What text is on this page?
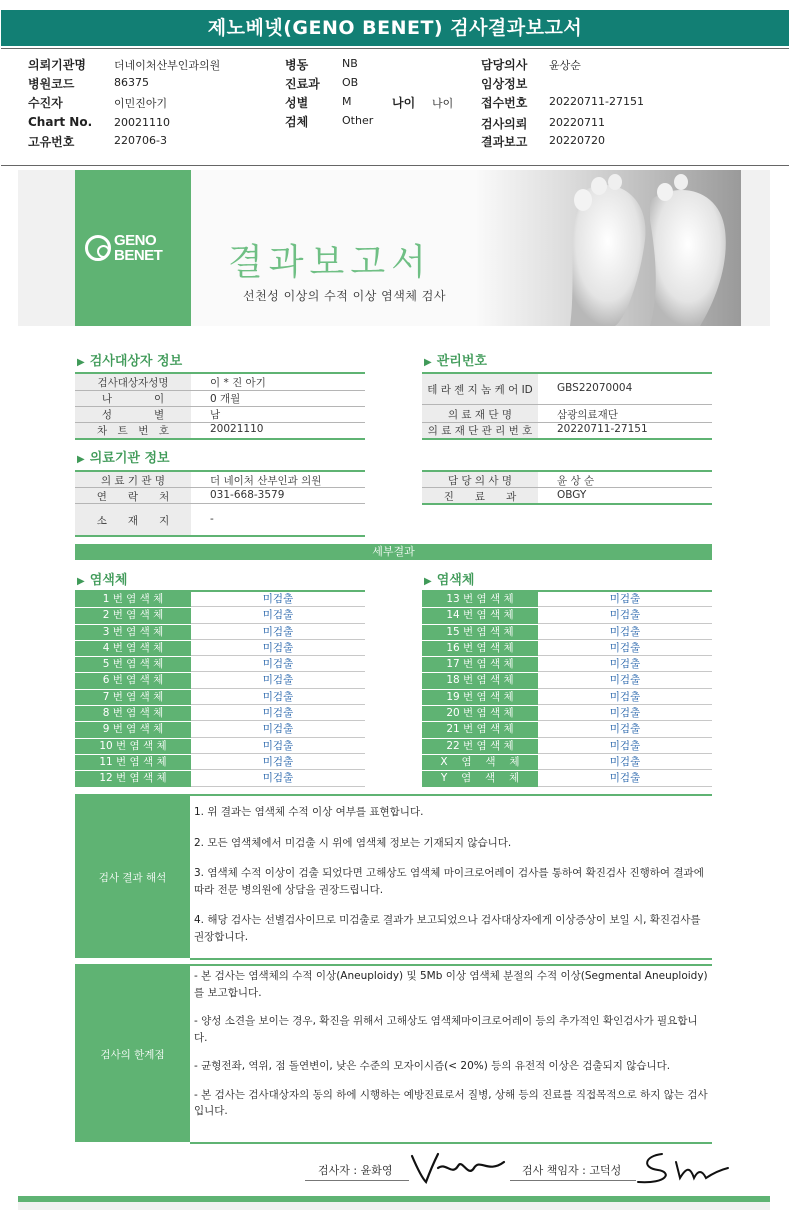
제노베넷(GENO BENET) 검사결과보고서
의뢰기관명	더네이처산부인과의원
병원코드	86375
수진자	이민진아기
Chart No. 20021110
고유번호	220706-3
병동	NB
진료과 OB
성별	M
검체	Other
나이 나이
담당의사 윤상순
임상정보
접수번호 20220711-27151
검사의뢰 20220711
결과보고 20220720
GENO
BENET 결과보고서
선천성 이상의 수적 이상 염색체 검사
▶ 검사대상자 정보
검사대상자성명	이 * 진 아기
나　　　　이	0 개월
성　　　　별	남
차　트　번　호	20021110
▶ 관리번호
테 라 젠 지 놈 케 어 ID	GBS22070004
의 료 재 단 명	삼광의료재단
의 료 재 단 관 리 번 호	20220711-27151
▶ 의료기관 정보
의 료 기 관 명	더 네이처 산부인과 의원
연　　락　　처	031-668-3579
소　　재　　지	-
담 당 의 사 명	윤 상 순
진　　료　　과	OBGY
세부결과
▶ 염색체	▶ 염색체
1 번 염 색 체	미검출
2 번 염 색 체	미검출
3 번 염 색 체	미검출
4 번 염 색 체	미검출
5 번 염 색 체	미검출
6 번 염 색 체	미검출
7 번 염 색 체	미검출
8 번 염 색 체	미검출
9 번 염 색 체	미검출
10 번 염 색 체	미검출
11 번 염 색 체	미검출
12 번 염 색 체	미검출
13 번 염 색 체	미검출
14 번 염 색 체	미검출
15 번 염 색 체	미검출
16 번 염 색 체	미검출
17 번 염 색 체	미검출
18 번 염 색 체	미검출
19 번 염 색 체	미검출
20 번 염 색 체	미검출
21 번 염 색 체	미검출
22 번 염 색 체	미검출
X　 염　 색　 체	미검출
Y　 염　 색　 체	미검출
검사 결과 해석

1. 위 결과는 염색체 수적 이상 여부를 표현합니다.

2. 모든 염색체에서 미검출 시 위에 염색체 정보는 기재되지 않습니다.

3. 염색체 수적 이상이 검출 되었다면 고해상도 염색체 마이크로어레이 검사를 통하여 확진검사 진행하여 결과에 따라 전문 병의원에 상담을 권장드립니다.

4. 해당 검사는 선별검사이므로 미검출로 결과가 보고되었으나 검사대상자에게 이상증상이 보일 시, 확진검사를 권장합니다.

검사의 한계점

- 본 검사는 염색체의 수적 이상(Aneuploidy) 및 5Mb 이상 염색체 분절의 수적 이상(Segmental Aneuploidy)를 보고합니다.

- 양성 소견을 보이는 경우, 확진을 위해서 고해상도 염색체마이크로어레이 등의 추가적인 확인검사가 필요합니다.

- 균형전좌, 역위, 점 돌연변이, 낮은 수준의 모자이시즘(< 20%) 등의 유전적 이상은 검출되지 않습니다.

- 본 검사는 검사대상자의 동의 하에 시행하는 예방진료로서 질병, 상해 등의 진료를 직접목적으로 하지 않는 검사입니다.

검사자 : 윤화영	검사 책임자 : 고덕성
